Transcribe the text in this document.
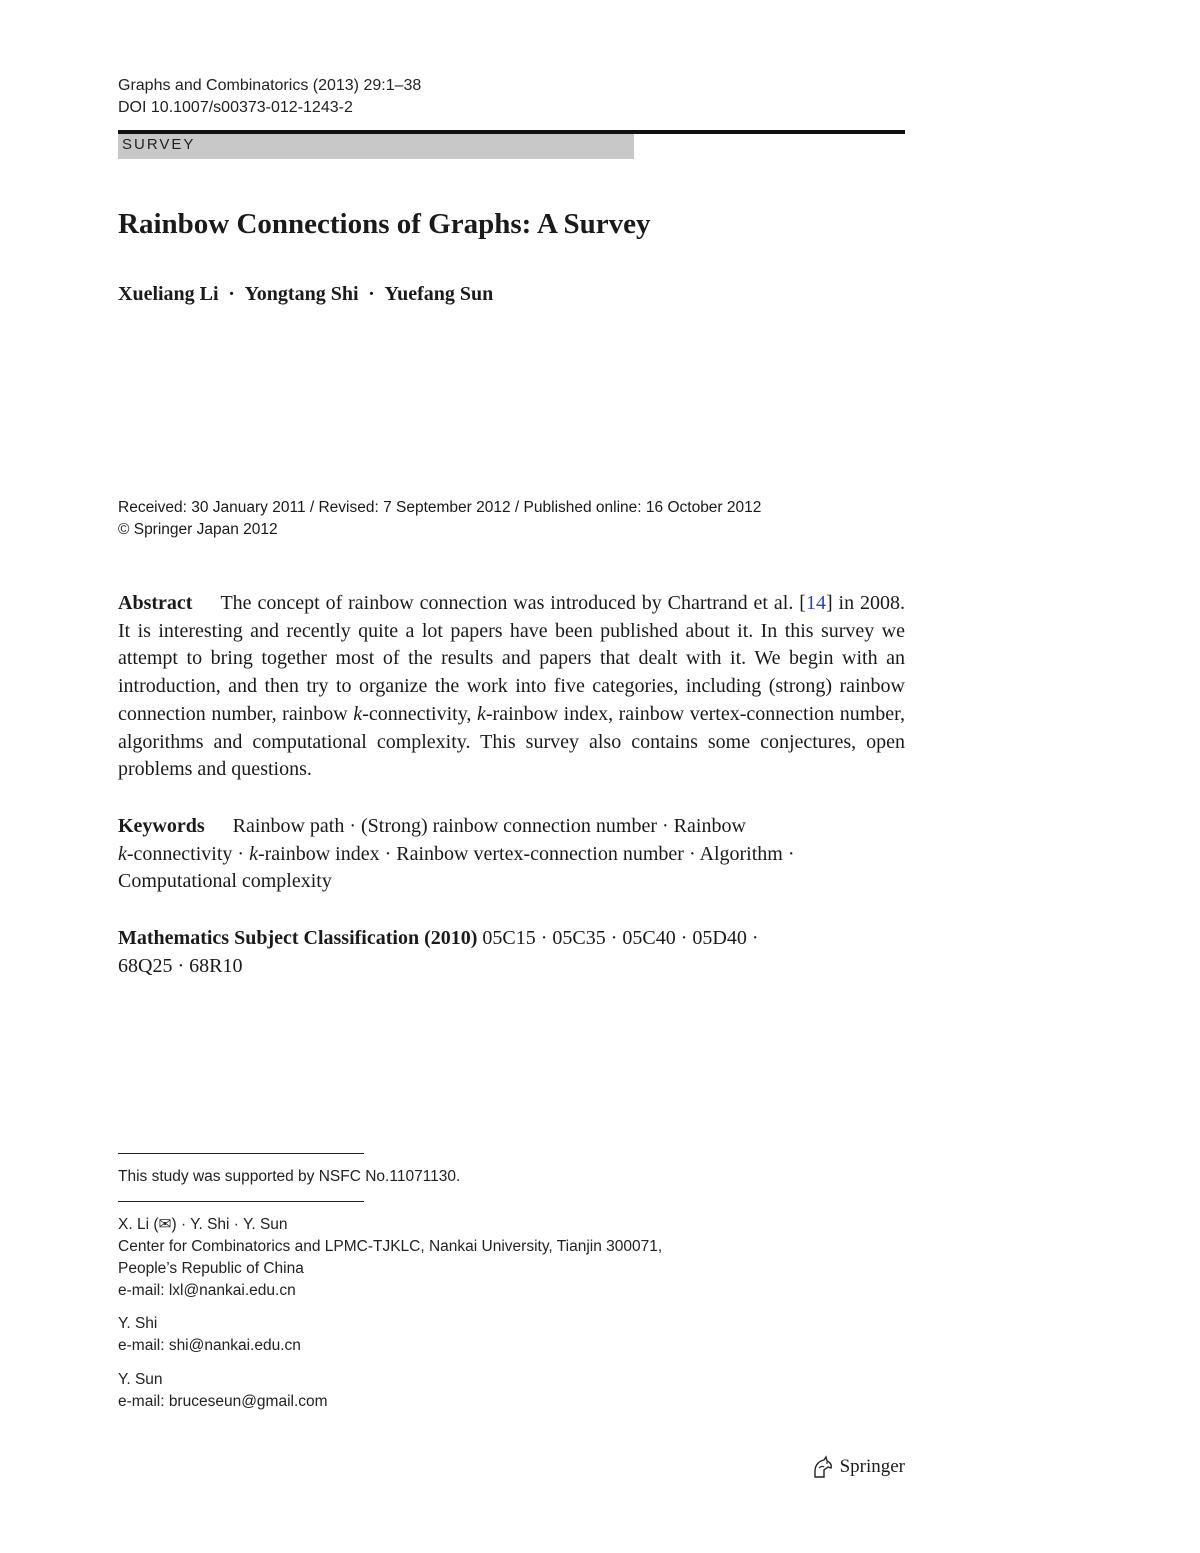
Graphs and Combinatorics (2013) 29:1–38
DOI 10.1007/s00373-012-1243-2
SURVEY
Rainbow Connections of Graphs: A Survey
Xueliang Li · Yongtang Shi · Yuefang Sun
Received: 30 January 2011 / Revised: 7 September 2012 / Published online: 16 October 2012
© Springer Japan 2012
Abstract The concept of rainbow connection was introduced by Chartrand et al. [14] in 2008. It is interesting and recently quite a lot papers have been published about it. In this survey we attempt to bring together most of the results and papers that dealt with it. We begin with an introduction, and then try to organize the work into five categories, including (strong) rainbow connection number, rainbow k-connectivity, k-rainbow index, rainbow vertex-connection number, algorithms and computational complexity. This survey also contains some conjectures, open problems and questions.
Keywords Rainbow path · (Strong) rainbow connection number · Rainbow
k-connectivity · k-rainbow index · Rainbow vertex-connection number · Algorithm ·
Computational complexity
Mathematics Subject Classification (2010) 05C15 · 05C35 · 05C40 · 05D40 ·
68Q25 · 68R10
This study was supported by NSFC No.11071130.
X. Li (✉) · Y. Shi · Y. Sun
Center for Combinatorics and LPMC-TJKLC, Nankai University, Tianjin 300071,
People’s Republic of China
e-mail: lxl@nankai.edu.cn
Y. Shi
e-mail: shi@nankai.edu.cn
Y. Sun
e-mail: bruceseun@gmail.com
Springer
